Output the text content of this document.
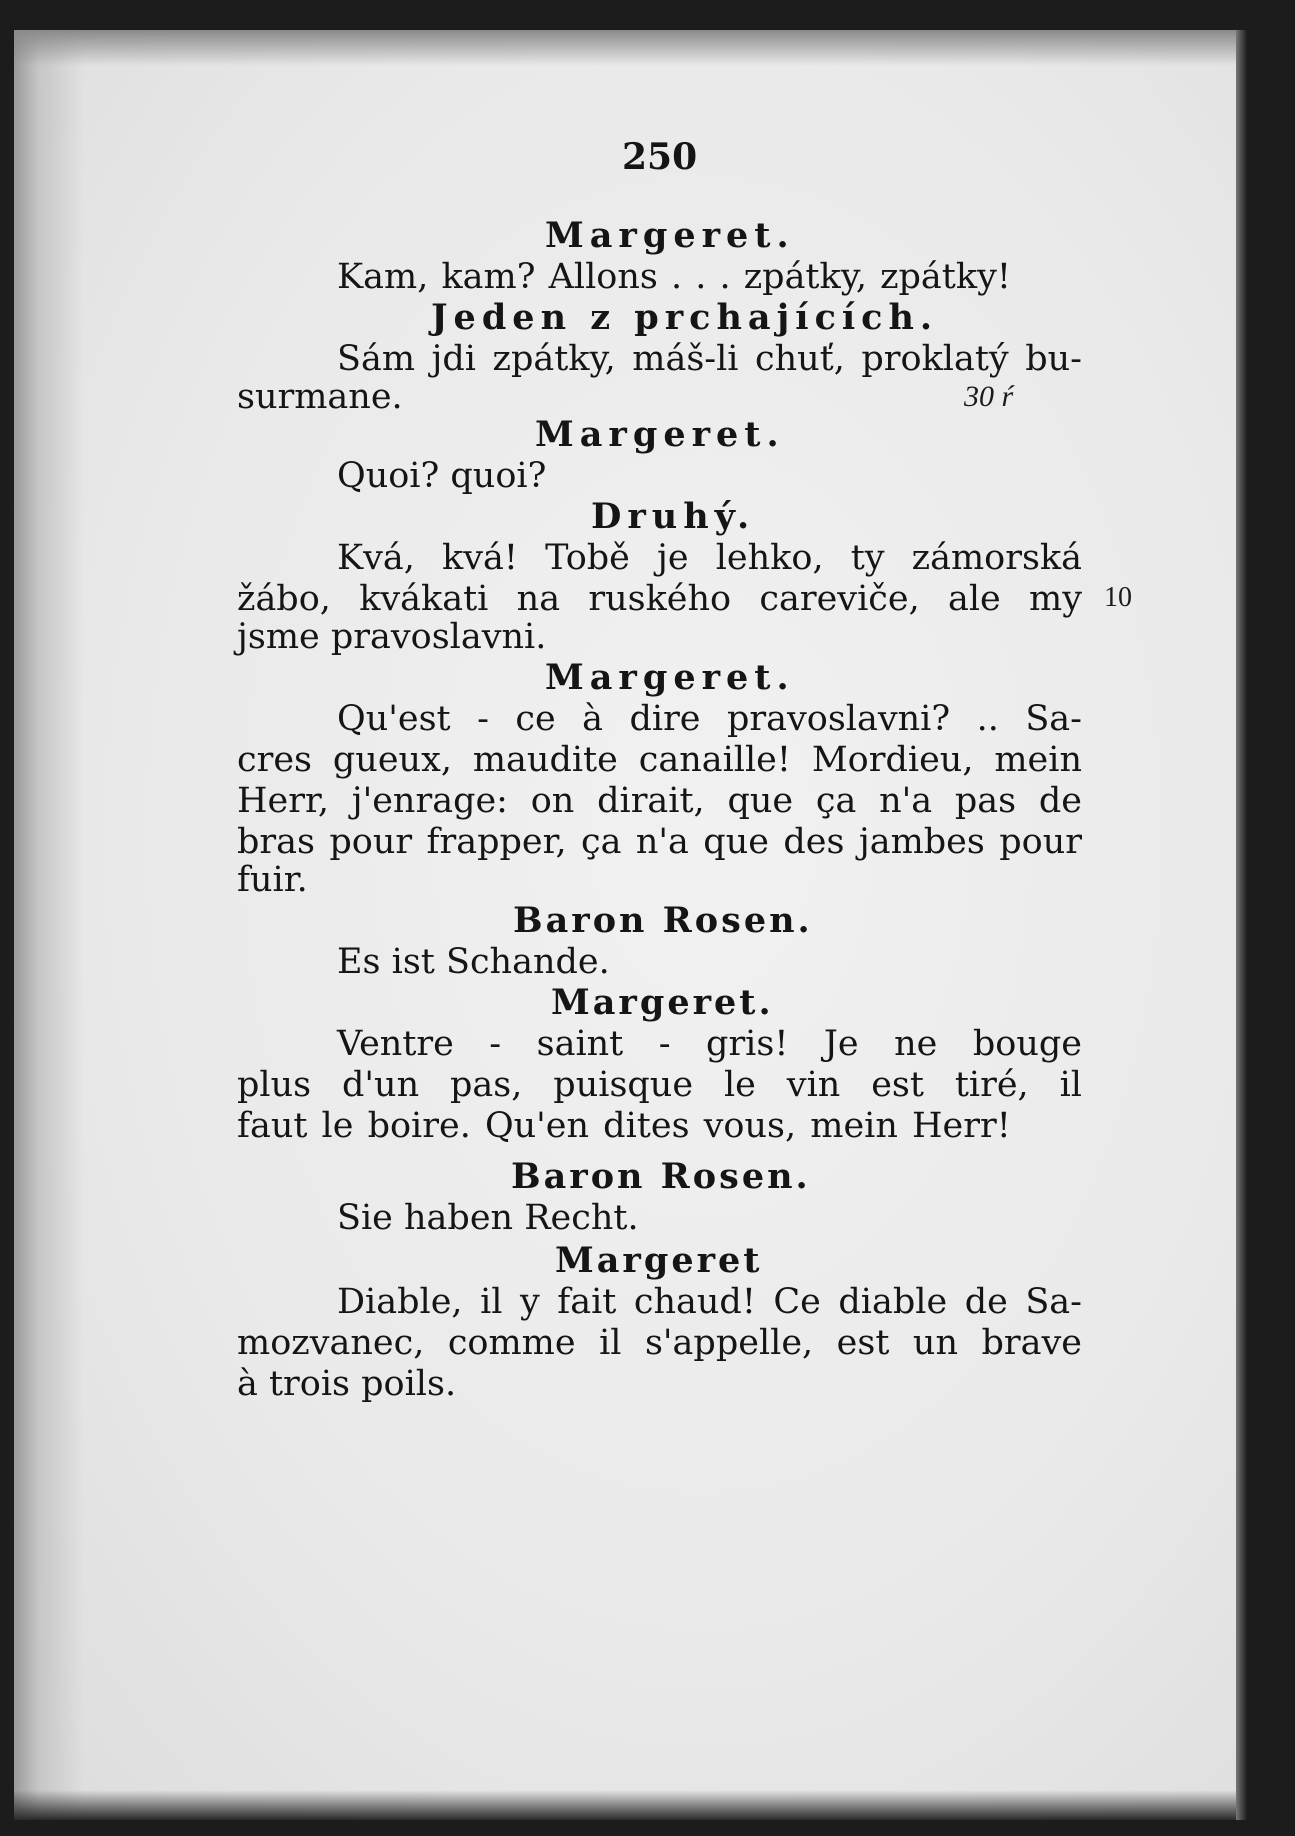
250

Margeret.

Kam, kam? Allons . . . zpátky, zpátky!

Jeden z prchajících.

Sám jdi zpátky, máš-li chuť, proklatý bu-

surmane.	30 ŕ

Margeret.

Quoi? quoi?

Druhý.

Kvá, kvá! Tobě je lehko, ty zámorská

žábo, kvákati na ruského careviče, ale my 10

jsme pravoslavni.

Margeret.

Qu'est - ce à dire pravoslavni? .. Sa-

cres gueux, maudite canaille! Mordieu, mein

Herr, j'enrage: on dirait, que ça n'a pas de

bras pour frapper, ça n'a que des jambes pour

fuir.

Baron Rosen.

Es ist Schande.

Margeret.

Ventre - saint - gris! Je ne bouge

plus d'un pas, puisque le vin est tiré, il

faut le boire. Qu'en dites vous, mein Herr!

Baron Rosen.

Sie haben Recht.

Margeret

Diable, il y fait chaud! Ce diable de Sa-

mozvanec, comme il s'appelle, est un brave

à trois poils.
